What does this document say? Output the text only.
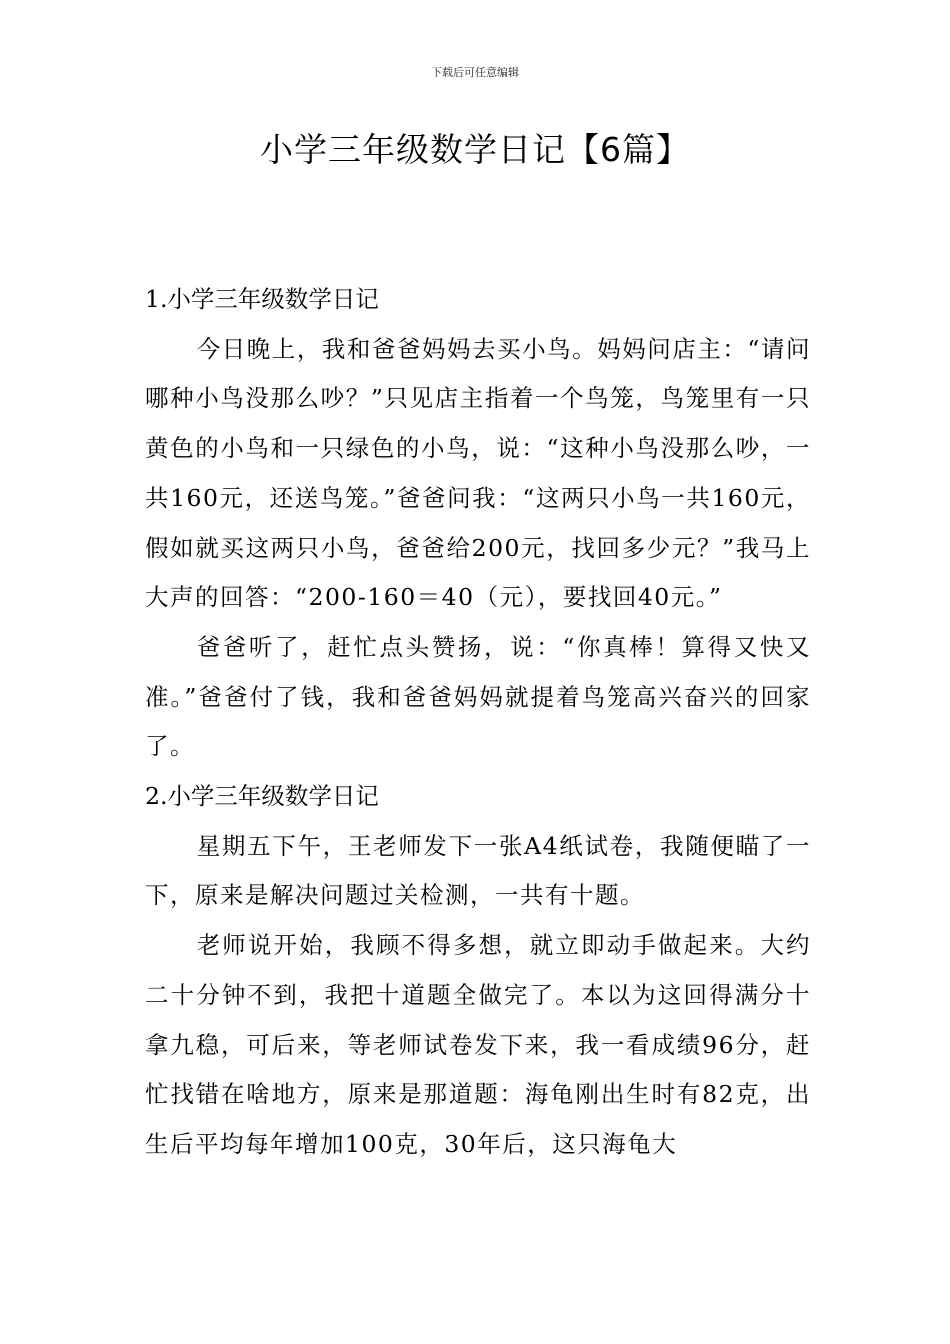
下载后可任意编辑
小学三年级数学日记【6篇】
1.小学三年级数学日记

今日晚上，我和爸爸妈妈去买小鸟。妈妈问店主：“请问哪种小鸟没那么吵？”只见店主指着一个鸟笼，鸟笼里有一只黄色的小鸟和一只绿色的小鸟，说：“这种小鸟没那么吵，一共160元，还送鸟笼。”爸爸问我：“这两只小鸟一共160元，假如就买这两只小鸟，爸爸给200元，找回多少元？”我马上大声的回答：“200-160＝40（元），要找回40元。”

爸爸听了，赶忙点头赞扬，说：“你真棒！算得又快又准。”爸爸付了钱，我和爸爸妈妈就提着鸟笼高兴奋兴的回家了。

2.小学三年级数学日记

星期五下午，王老师发下一张A4纸试卷，我随便瞄了一下，原来是解决问题过关检测，一共有十题。

老师说开始，我顾不得多想，就立即动手做起来。大约二十分钟不到，我把十道题全做完了。本以为这回得满分十拿九稳，可后来，等老师试卷发下来，我一看成绩96分，赶忙找错在啥地方，原来是那道题：海龟刚出生时有82克，出生后平均每年增加100克，30年后，这只海龟大
